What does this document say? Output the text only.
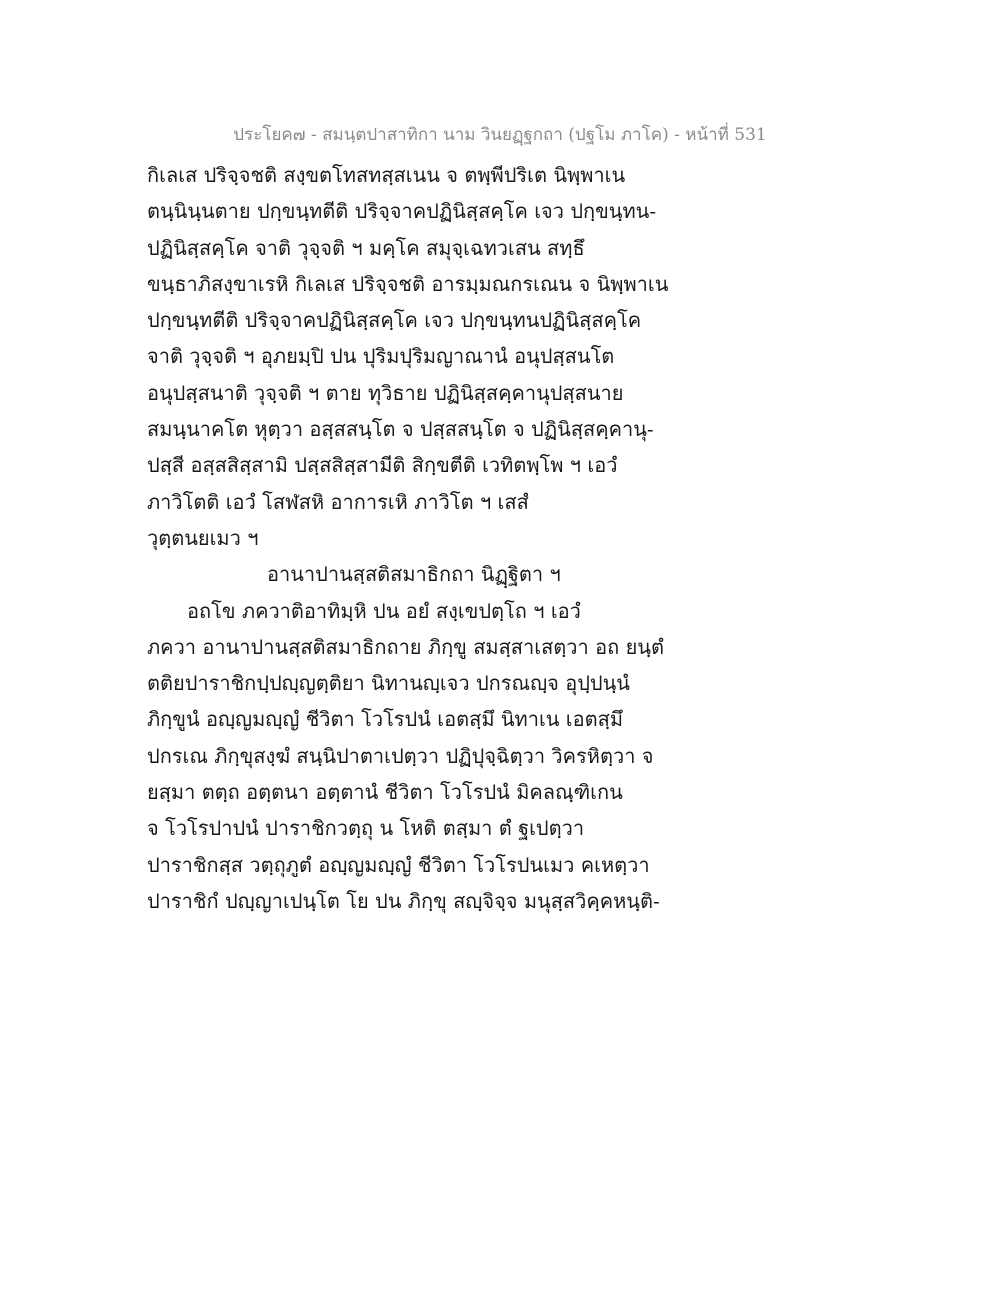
ประโยค๗ - สมนฺตปาสาทิกา นาม วินยฏฺฐกถา (ปฐโม ภาโค) - หน้าที่ 531
กิเลเส ปริจฺจชติ สงฺขตโทสทสฺสเนน จ ตพฺพีปริเต นิพฺพาเน
ตนฺนินฺนตาย ปกฺขนฺทตีติ ปริจฺจาคปฏินิสฺสคฺโค เจว ปกฺขนฺทน-
ปฏินิสฺสคฺโค จาติ วุจฺจติ ฯ มคฺโค สมุจฺเฉทวเสน สทฺธึ
ขนฺธาภิสงฺขาเรหิ กิเลเส ปริจฺจชติ อารมฺมณกรเณน จ นิพฺพาเน
ปกฺขนฺทตีติ ปริจฺจาคปฏินิสฺสคฺโค เจว ปกฺขนฺทนปฏินิสฺสคฺโค
จาติ วุจฺจติ ฯ อุภยมฺปิ ปน ปุริมปุริมญาณานํ อนุปสฺสนโต
อนุปสฺสนาติ วุจฺจติ ฯ ตาย ทุวิธาย ปฏินิสฺสคฺคานุปสฺสนาย
สมนฺนาคโต หุตฺวา อสฺสสนฺโต จ ปสฺสสนฺโต จ ปฏินิสฺสคฺคานุ-
ปสฺสี อสฺสสิสฺสามิ ปสฺสสิสฺสามีติ สิกฺขตีติ เวทิตพฺโพ ฯ เอวํ
ภาวิโตติ เอวํ โสฬสหิ อาการเหิ ภาวิโต ฯ เสสํ
วุตฺตนยเมว ฯ
อานาปานสฺสติสมาธิกถา นิฏฺฐิตา ฯ
อถโข ภควาติอาทิมฺหิ ปน อยํ สงฺเขปตฺโถ ฯ เอวํ
ภควา อานาปานสฺสติสมาธิกถาย ภิกฺขู สมสฺสาเสตฺวา อถ ยนฺตํ
ตติยปาราชิกปฺปญฺญตฺติยา นิทานญฺเจว ปกรณญฺจ อุปฺปนฺนํ
ภิกฺขูนํ อญฺญมญฺญํ ชีวิตา โวโรปนํ เอตสฺมึ นิทาเน เอตสฺมึ
ปกรเณ ภิกฺขุสงฺฆํ สนฺนิปาตาเปตฺวา ปฏิปุจฺฉิตฺวา วิครหิตฺวา จ
ยสฺมา ตตฺถ อตฺตนา อตฺตานํ ชีวิตา โวโรปนํ มิคลณฺฑิเกน
จ โวโรปาปนํ ปาราชิกวตฺถุ น โหติ ตสฺมา ตํ ฐเปตฺวา
ปาราชิกสฺส วตฺถุภูตํ อญฺญมญฺญํ ชีวิตา โวโรปนเมว คเหตฺวา
ปาราชิกํ ปญฺญาเปนฺโต โย ปน ภิกฺขุ สญฺจิจฺจ มนุสฺสวิคฺคหนฺติ-
